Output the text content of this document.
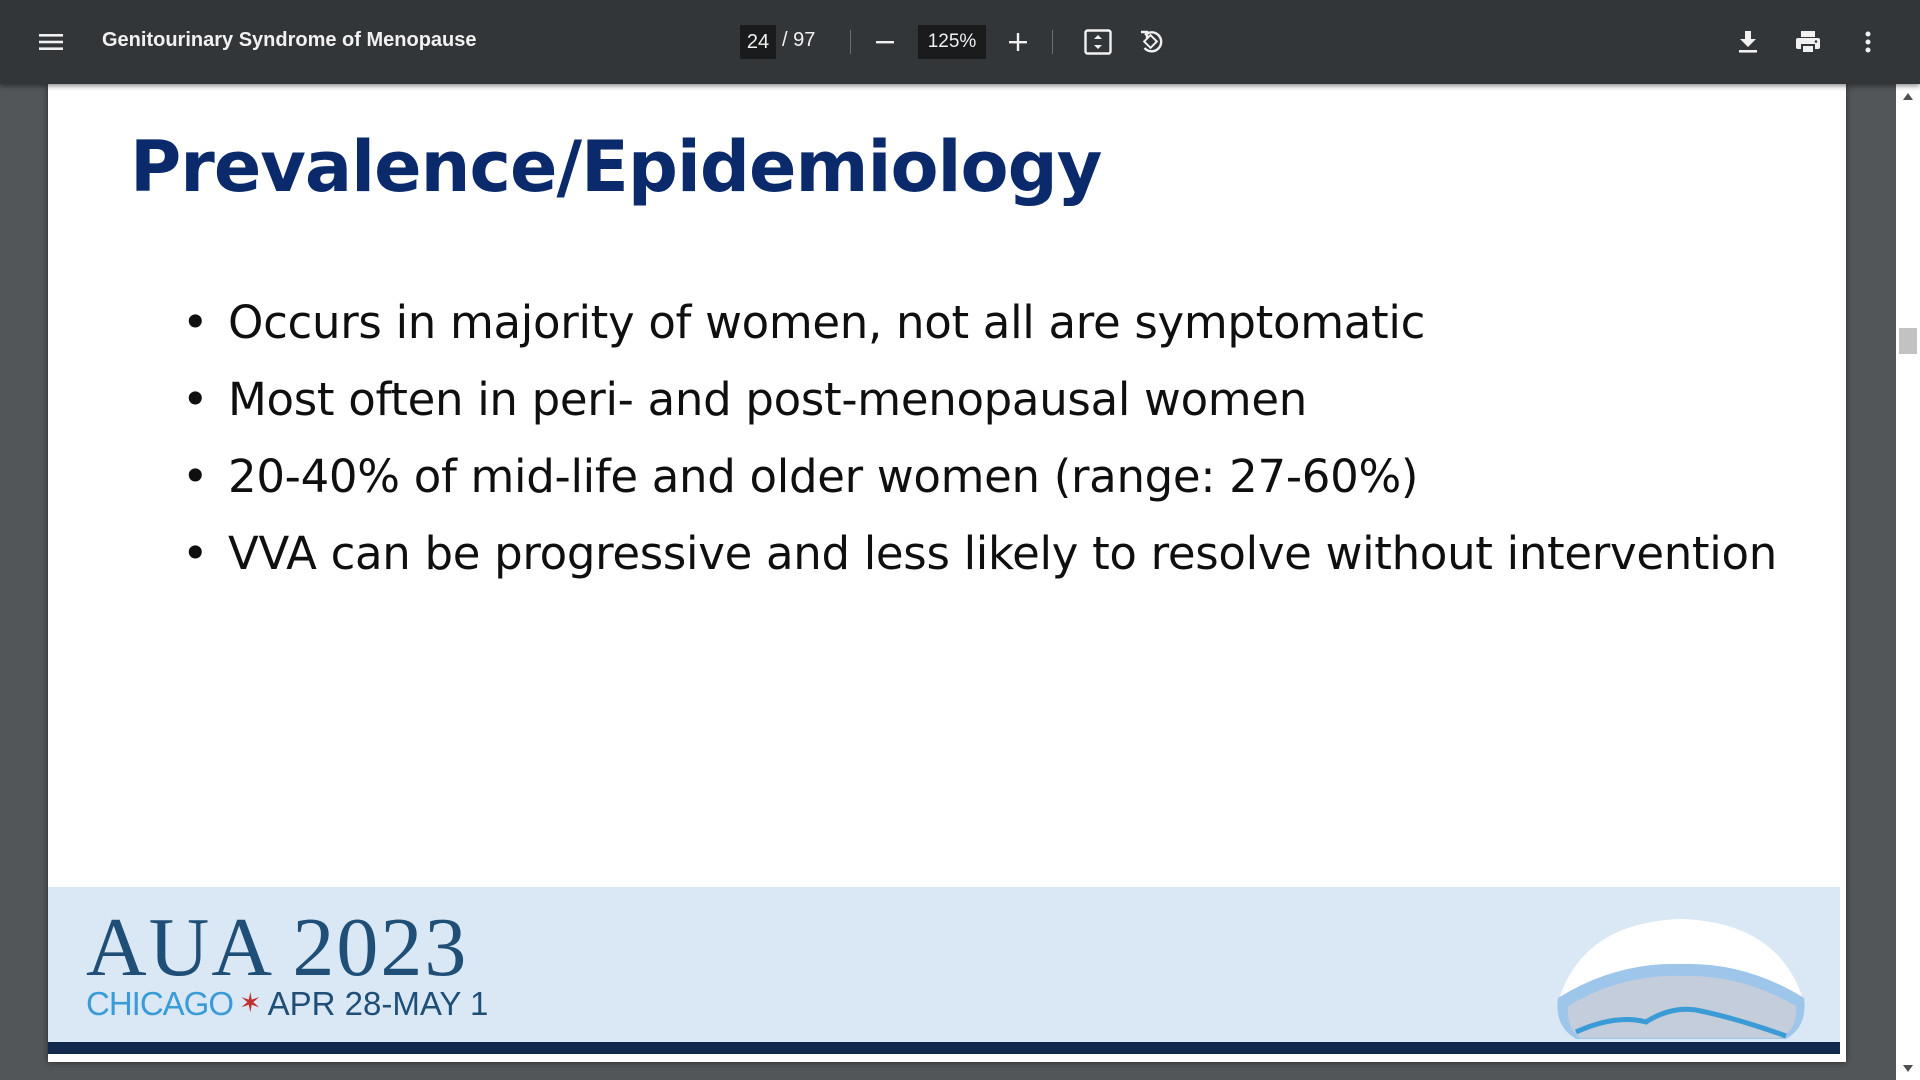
Genitourinary Syndrome of Menopause	24 / 97	125%
Prevalence/Epidemiology
• Occurs in majority of women, not all are symptomatic
• Most often in peri- and post-menopausal women
• 20-40% of mid-life and older women (range: 27-60%)
• VVA can be progressive and less likely to resolve without intervention
AUA 2023
CHICAGO ✶ APR 28-MAY 1
